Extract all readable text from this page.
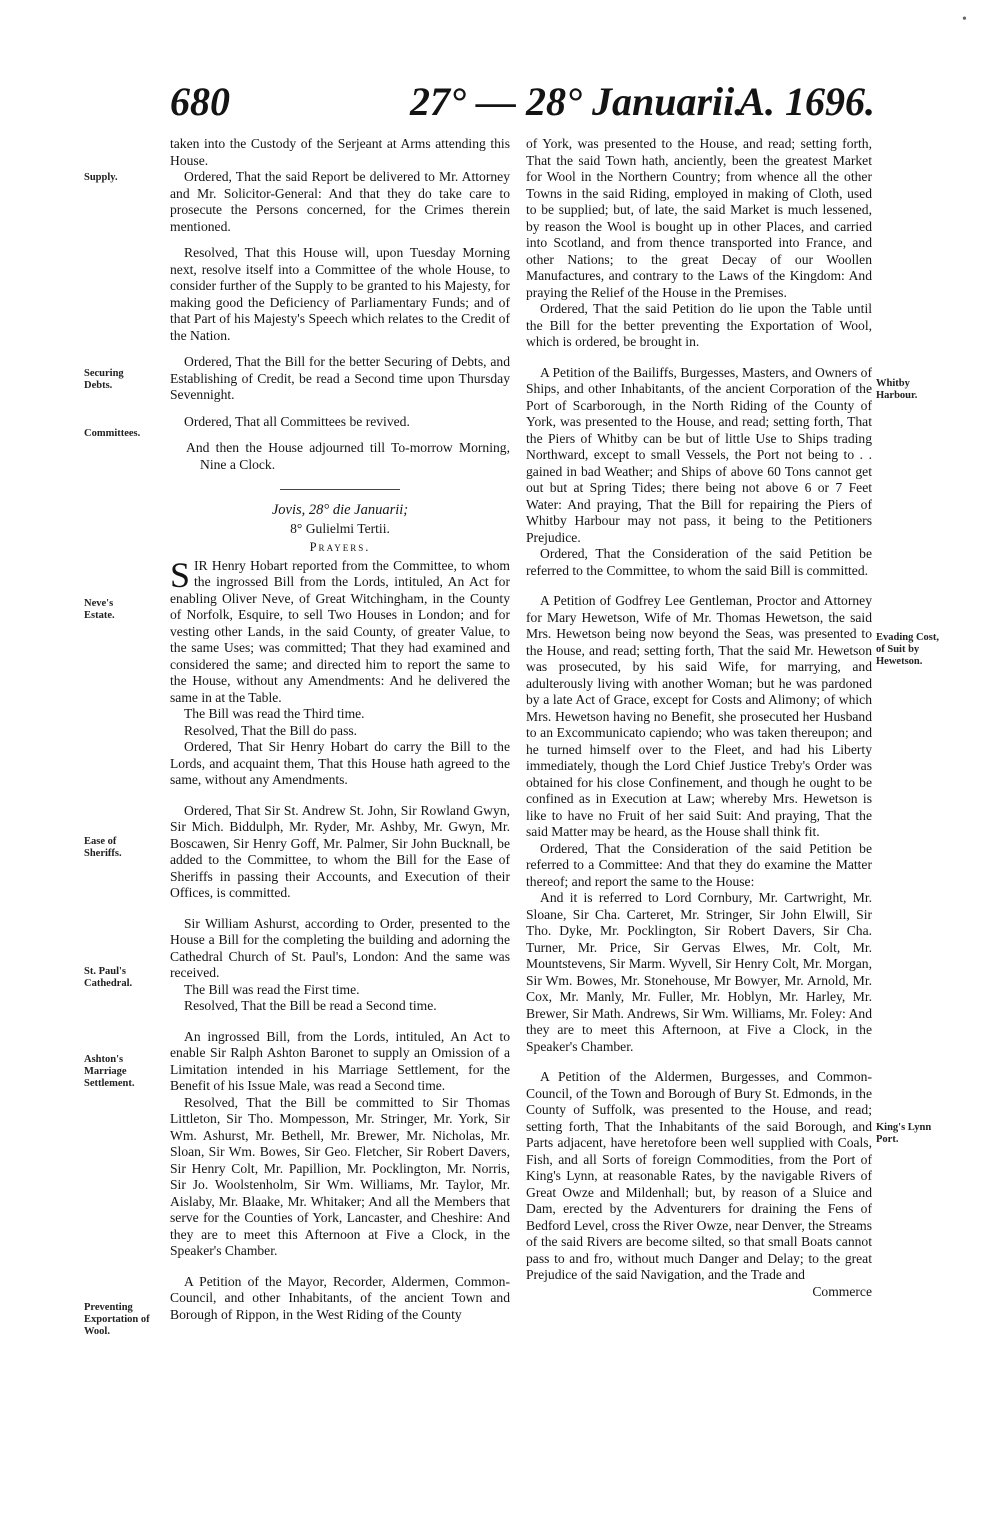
680	27° — 28° Januarii.
A. 1696.
Supply.
Securing Debts.
Committees.
Neve's Estate.
Ease of Sheriffs.
St. Paul's Cathedral.
Ashton's Marriage Settlement.
Preventing Exportation of Wool.
Whitby Harbour.
Evading Cost, of Suit by Hewetson.
King's Lynn Port.

taken into the Custody of the Serjeant at Arms attending this House.

Ordered, That the said Report be delivered to Mr. Attorney and Mr. Solicitor-General: And that they do take care to prosecute the Persons concerned, for the Crimes therein mentioned.

Resolved, That this House will, upon Tuesday Morning next, resolve itself into a Committee of the whole House, to consider further of the Supply to be granted to his Majesty, for making good the Deficiency of Parliamentary Funds; and of that Part of his Majesty's Speech which relates to the Credit of the Nation.

Ordered, That the Bill for the better Securing of Debts, and Establishing of Credit, be read a Second time upon Thursday Sevennight.

Ordered, That all Committees be revived.

And then the House adjourned till To-morrow Morning, Nine a Clock.

Jovis, 28° die Januarii;

8° Gulielmi Tertii.

Prayers.

S IR Henry Hobart reported from the Committee, to whom the ingrossed Bill from the Lords, intituled, An Act for enabling Oliver Neve, of Great Witchingham, in the County of Norfolk, Esquire, to sell Two Houses in London; and for vesting other Lands, in the said County, of greater Value, to the same Uses; was committed; That they had examined and considered the same; and directed him to report the same to the House, without any Amendments: And he delivered the same in at the Table.

The Bill was read the Third time.

Resolved, That the Bill do pass.

Ordered, That Sir Henry Hobart do carry the Bill to the Lords, and acquaint them, That this House hath agreed to the same, without any Amendments.

Ordered, That Sir St. Andrew St. John, Sir Rowland Gwyn, Sir Mich. Biddulph, Mr. Ryder, Mr. Ashby, Mr. Gwyn, Mr. Boscawen, Sir Henry Goff, Mr. Palmer, Sir John Bucknall, be added to the Committee, to whom the Bill for the Ease of Sheriffs in passing their Accounts, and Execution of their Offices, is committed.

Sir William Ashurst, according to Order, presented to the House a Bill for the completing the building and adorning the Cathedral Church of St. Paul's, London: And the same was received.

The Bill was read the First time.

Resolved, That the Bill be read a Second time.

An ingrossed Bill, from the Lords, intituled, An Act to enable Sir Ralph Ashton Baronet to supply an Omission of a Limitation intended in his Marriage Settlement, for the Benefit of his Issue Male, was read a Second time.

Resolved, That the Bill be committed to Sir Thomas Littleton, Sir Tho. Mompesson, Mr. Stringer, Mr. York, Sir Wm. Ashurst, Mr. Bethell, Mr. Brewer, Mr. Nicholas, Mr. Sloan, Sir Wm. Bowes, Sir Geo. Fletcher, Sir Robert Davers, Sir Henry Colt, Mr. Papillion, Mr. Pocklington, Mr. Norris, Sir Jo. Woolstenholm, Sir Wm. Williams, Mr. Taylor, Mr. Aislaby, Mr. Blaake, Mr. Whitaker; And all the Members that serve for the Counties of York, Lancaster, and Cheshire: And they are to meet this Afternoon at Five a Clock, in the Speaker's Chamber.

A Petition of the Mayor, Recorder, Aldermen, Common-Council, and other Inhabitants, of the ancient Town and Borough of Rippon, in the West Riding of the County

of York, was presented to the House, and read; setting forth, That the said Town hath, anciently, been the greatest Market for Wool in the Northern Country; from whence all the other Towns in the said Riding, employed in making of Cloth, used to be supplied; but, of late, the said Market is much lessened, by reason the Wool is bought up in other Places, and carried into Scotland, and from thence transported into France, and other Nations; to the great Decay of our Woollen Manufactures, and contrary to the Laws of the Kingdom: And praying the Relief of the House in the Premises.

Ordered, That the said Petition do lie upon the Table until the Bill for the better preventing the Exportation of Wool, which is ordered, be brought in.

A Petition of the Bailiffs, Burgesses, Masters, and Owners of Ships, and other Inhabitants, of the ancient Corporation of the Port of Scarborough, in the North Riding of the County of York, was presented to the House, and read; setting forth, That the Piers of Whitby can be but of little Use to Ships trading Northward, except to small Vessels, the Port not being to . . gained in bad Weather; and Ships of above 60 Tons cannot get out but at Spring Tides; there being not above 6 or 7 Feet Water: And praying, That the Bill for repairing the Piers of Whitby Harbour may not pass, it being to the Petitioners Prejudice.

Ordered, That the Consideration of the said Petition be referred to the Committee, to whom the said Bill is committed.

A Petition of Godfrey Lee Gentleman, Proctor and Attorney for Mary Hewetson, Wife of Mr. Thomas Hewetson, the said Mrs. Hewetson being now beyond the Seas, was presented to the House, and read; setting forth, That the said Mr. Hewetson was prosecuted, by his said Wife, for marrying, and adulterously living with another Woman; but he was pardoned by a late Act of Grace, except for Costs and Alimony; of which Mrs. Hewetson having no Benefit, she prosecuted her Husband to an Excommunicato capiendo; who was taken thereupon; and he turned himself over to the Fleet, and had his Liberty immediately, though the Lord Chief Justice Treby's Order was obtained for his close Confinement, and though he ought to be confined as in Execution at Law; whereby Mrs. Hewetson is like to have no Fruit of her said Suit: And praying, That the said Matter may be heard, as the House shall think fit.

Ordered, That the Consideration of the said Petition be referred to a Committee: And that they do examine the Matter thereof; and report the same to the House:

And it is referred to Lord Cornbury, Mr. Cartwright, Mr. Sloane, Sir Cha. Carteret, Mr. Stringer, Sir John Elwill, Sir Tho. Dyke, Mr. Pocklington, Sir Robert Davers, Sir Cha. Turner, Mr. Price, Sir Gervas Elwes, Mr. Colt, Mr. Mountstevens, Sir Marm. Wyvell, Sir Henry Colt, Mr. Morgan, Sir Wm. Bowes, Mr. Stonehouse, Mr Bowyer, Mr. Arnold, Mr. Cox, Mr. Manly, Mr. Fuller, Mr. Hoblyn, Mr. Harley, Mr. Brewer, Sir Math. Andrews, Sir Wm. Williams, Mr. Foley: And they are to meet this Afternoon, at Five a Clock, in the Speaker's Chamber.

A Petition of the Aldermen, Burgesses, and Common-Council, of the Town and Borough of Bury St. Edmonds, in the County of Suffolk, was presented to the House, and read; setting forth, That the Inhabitants of the said Borough, and Parts adjacent, have heretofore been well supplied with Coals, Fish, and all Sorts of foreign Commodities, from the Port of King's Lynn, at reasonable Rates, by the navigable Rivers of Great Owze and Mildenhall; but, by reason of a Sluice and Dam, erected by the Adventurers for draining the Fens of Bedford Level, cross the River Owze, near Denver, the Streams of the said Rivers are become silted, so that small Boats cannot pass to and fro, without much Danger and Delay; to the great Prejudice of the said Navigation, and the Trade and

Commerce

•
